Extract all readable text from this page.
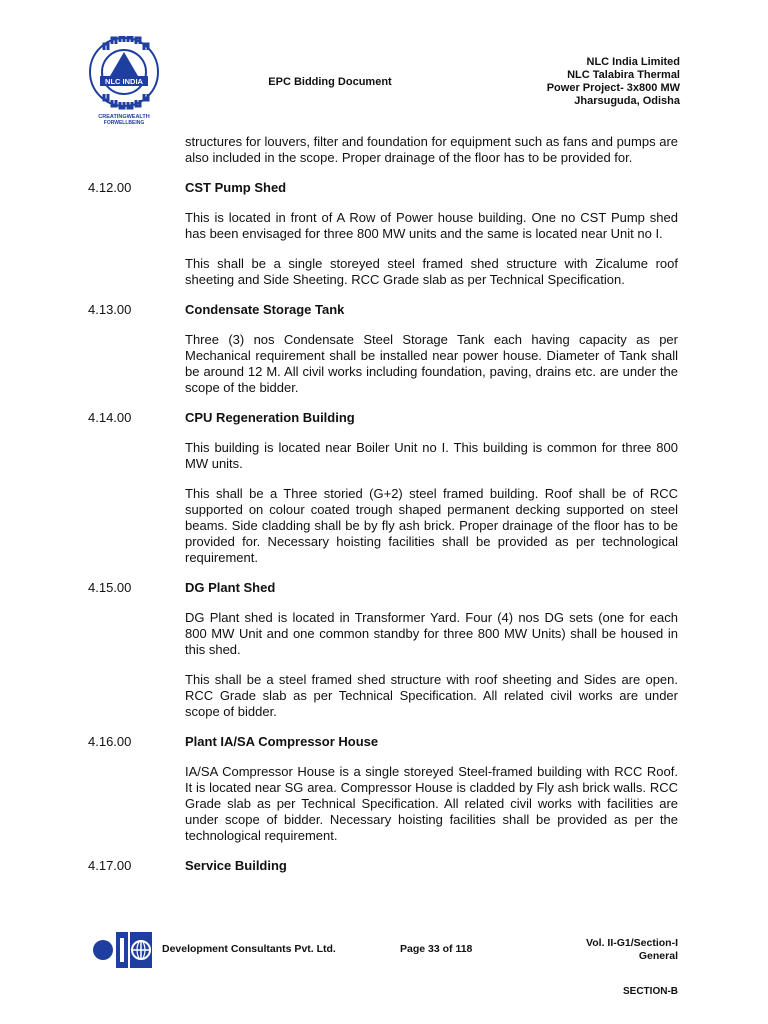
NLC INDIA
CREATINGWEALTH
FORWELLBEING
EPC Bidding Document
NLC India Limited
NLC Talabira Thermal
Power Project- 3x800 MW
Jharsuguda, Odisha

structures for louvers, filter and foundation for equipment such as fans and pumps are also included in the scope. Proper drainage of the floor has to be provided for.

4.12.00	CST Pump Shed

This is located in front of A Row of Power house building. One no CST Pump shed has been envisaged for three 800 MW units and the same is located near Unit no I.

This shall be a single storeyed steel framed shed structure with Zicalume roof sheeting and Side Sheeting. RCC Grade slab as per Technical Specification.

4.13.00	Condensate Storage Tank

Three (3) nos Condensate Steel Storage Tank each having capacity as per Mechanical requirement shall be installed near power house. Diameter of Tank shall be around 12 M. All civil works including foundation, paving, drains etc. are under the scope of the bidder.

4.14.00	CPU Regeneration Building

This building is located near Boiler Unit no I. This building is common for three 800 MW units.

This shall be a Three storied (G+2) steel framed building. Roof shall be of RCC supported on colour coated trough shaped permanent decking supported on steel beams. Side cladding shall be by fly ash brick. Proper drainage of the floor has to be provided for. Necessary hoisting facilities shall be provided as per technological requirement.

4.15.00	DG Plant Shed

DG Plant shed is located in Transformer Yard. Four (4) nos DG sets (one for each 800 MW Unit and one common standby for three 800 MW Units) shall be housed in this shed.

This shall be a steel framed shed structure with roof sheeting and Sides are open. RCC Grade slab as per Technical Specification. All related civil works are under scope of bidder.

4.16.00	Plant IA/SA Compressor House

IA/SA Compressor House is a single storeyed Steel-framed building with RCC Roof. It is located near SG area. Compressor House is cladded by Fly ash brick walls. RCC Grade slab as per Technical Specification. All related civil works with facilities are under scope of bidder. Necessary hoisting facilities shall be provided as per the technological requirement.

4.17.00	Service Building
Development Consultants Pvt. Ltd.	Page 33 of 118	Vol. II-G1/Section-I
General
SECTION-B
